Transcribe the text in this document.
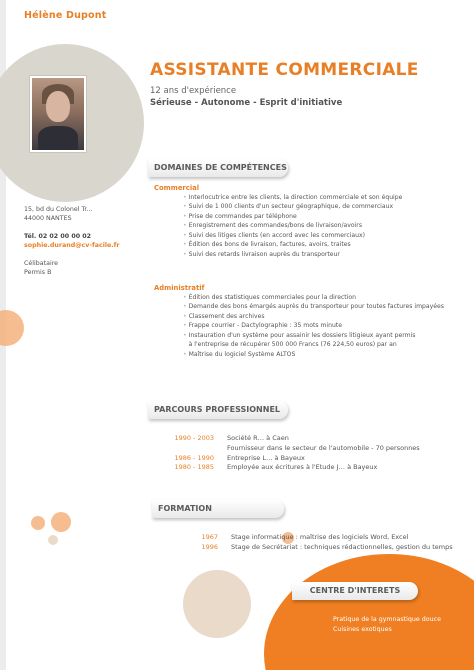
Hélène Dupont
ASSISTANTE COMMERCIALE
12 ans d'expérience
Sérieuse - Autonome - Esprit d'initiative
15, bd du Colonel Tr...
44000 NANTES
Tél. 02 02 00 00 02
sophie.durand@cv-facile.fr
Célibataire
Permis B
DOMAINES DE COMPÉTENCES
Commercial
• Interlocutrice entre les clients, la direction commerciale et son équipe
• Suivi de 1 000 clients d'un secteur géographique, de commerciaux
• Prise de commandes par téléphone
• Enregistrement des commandes/bons de livraison/avoirs
• Suivi des litiges clients (en accord avec les commerciaux)
• Édition des bons de livraison, factures, avoirs, traites
• Suivi des retards livraison auprès du transporteur
Administratif
• Édition des statistiques commerciales pour la direction
• Demande des bons émargés auprès du transporteur pour toutes factures impayées
• Classement des archives
• Frappe courrier - Dactylographie : 35 mots minute
• Instauration d'un système pour assainir les dossiers litigieux ayant permis
à l'entreprise de récupérer 500 000 Francs (76 224,50 euros) par an
• Maîtrise du logiciel Système ALTOS
PARCOURS PROFESSIONNEL
1990 - 2003

1986 - 1990
1980 - 1985
Société R… à Caen
Fournisseur dans le secteur de l'automobile - 70 personnes
Entreprise L… à Bayeux
Employée aux écritures à l'Etude J… à Bayeux
FORMATION
1967
1996
Stage informatique : maîtrise des logiciels Word, Excel
Stage de Secrétariat : techniques rédactionnelles, gestion du temps
CENTRE D'INTERETS
Pratique de la gymnastique douce
Cuisines exotiques
